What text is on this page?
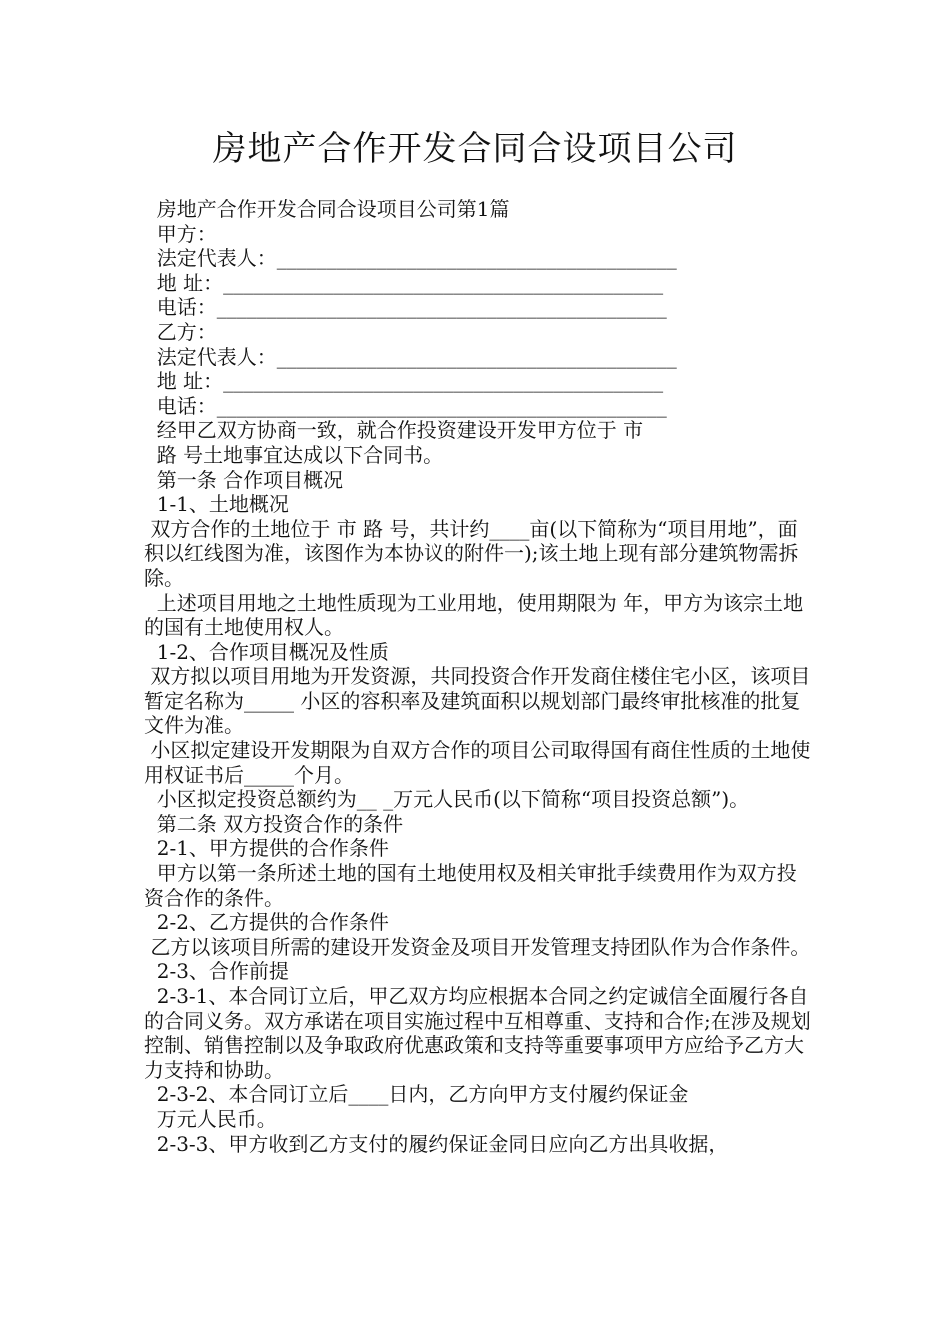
房地产合作开发合同合设项目公司

房地产合作开发合同合设项目公司第1篇

甲方：

法定代表人：________________________________________

地 址：____________________________________________

电话：_____________________________________________

乙方：

法定代表人：________________________________________

地 址：____________________________________________

电话：_____________________________________________

经甲乙双方协商一致，就合作投资建设开发甲方位于 市

路 号土地事宜达成以下合同书。

第一条 合作项目概况

1-1、土地概况

双方合作的土地位于 市 路 号，共计约____亩(以下简称为“项目用地”，面积以红线图为准，该图作为本协议的附件一);该土地上现有部分建筑物需拆除。

上述项目用地之土地性质现为工业用地，使用期限为 年，甲方为该宗土地的国有土地使用权人。

1-2、合作项目概况及性质

双方拟以项目用地为开发资源，共同投资合作开发商住楼住宅小区，该项目暂定名称为_____ 小区的容积率及建筑面积以规划部门最终审批核准的批复文件为准。

小区拟定建设开发期限为自双方合作的项目公司取得国有商住性质的土地使用权证书后_____个月。

小区拟定投资总额约为__ _万元人民币(以下简称“项目投资总额”)。

第二条 双方投资合作的条件

2-1、甲方提供的合作条件

甲方以第一条所述土地的国有土地使用权及相关审批手续费用作为双方投资合作的条件。

2-2、乙方提供的合作条件

乙方以该项目所需的建设开发资金及项目开发管理支持团队作为合作条件。

2-3、合作前提

2-3-1、本合同订立后，甲乙双方均应根据本合同之约定诚信全面履行各自的合同义务。双方承诺在项目实施过程中互相尊重、支持和合作;在涉及规划控制、销售控制以及争取政府优惠政策和支持等重要事项甲方应给予乙方大力支持和协助。

2-3-2、本合同订立后____日内，乙方向甲方支付履约保证金

万元人民币。

2-3-3、甲方收到乙方支付的履约保证金同日应向乙方出具收据，
